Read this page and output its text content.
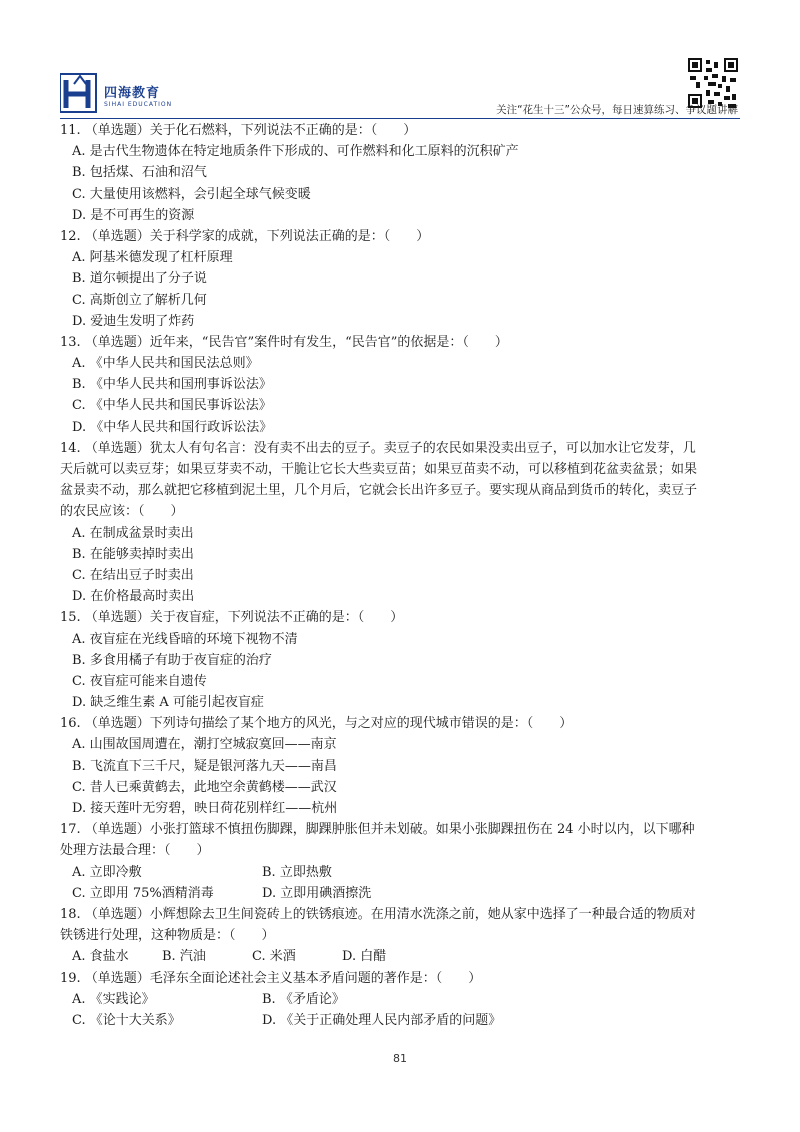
四海教育
SIHAI EDUCATION	关注“花生十三”公众号，每日速算练习、争议题讲解
11. （单选题）关于化石燃料，下列说法不正确的是：（　　）
A. 是古代生物遗体在特定地质条件下形成的、可作燃料和化工原料的沉积矿产
B. 包括煤、石油和沼气
C. 大量使用该燃料，会引起全球气候变暖
D. 是不可再生的资源
12. （单选题）关于科学家的成就，下列说法正确的是：（　　）
A. 阿基米德发现了杠杆原理
B. 道尔顿提出了分子说
C. 高斯创立了解析几何
D. 爱迪生发明了炸药
13. （单选题）近年来，“民告官”案件时有发生，“民告官”的依据是：（　　）
A. 《中华人民共和国民法总则》
B. 《中华人民共和国刑事诉讼法》
C. 《中华人民共和国民事诉讼法》
D. 《中华人民共和国行政诉讼法》
14. （单选题）犹太人有句名言：没有卖不出去的豆子。卖豆子的农民如果没卖出豆子，可以加水让它发芽，几
天后就可以卖豆芽；如果豆芽卖不动，干脆让它长大些卖豆苗；如果豆苗卖不动，可以移植到花盆卖盆景；如果
盆景卖不动，那么就把它移植到泥土里，几个月后，它就会长出许多豆子。要实现从商品到货币的转化，卖豆子
的农民应该：（　　）
A. 在制成盆景时卖出
B. 在能够卖掉时卖出
C. 在结出豆子时卖出
D. 在价格最高时卖出
15. （单选题）关于夜盲症，下列说法不正确的是：（　　）
A. 夜盲症在光线昏暗的环境下视物不清
B. 多食用橘子有助于夜盲症的治疗
C. 夜盲症可能来自遗传
D. 缺乏维生素 A 可能引起夜盲症
16. （单选题）下列诗句描绘了某个地方的风光，与之对应的现代城市错误的是：（　　）
A. 山围故国周遭在，潮打空城寂寞回——南京
B. 飞流直下三千尺，疑是银河落九天——南昌
C. 昔人已乘黄鹤去，此地空余黄鹤楼——武汉
D. 接天莲叶无穷碧，映日荷花别样红——杭州
17. （单选题）小张打篮球不慎扭伤脚踝，脚踝肿胀但并未划破。如果小张脚踝扭伤在 24 小时以内，以下哪种
处理方法最合理：（　　）
A. 立即冷敷	B. 立即热敷
C. 立即用 75%酒精消毒	D. 立即用碘酒擦洗
18. （单选题）小辉想除去卫生间瓷砖上的铁锈痕迹。在用清水洗涤之前，她从家中选择了一种最合适的物质对
铁锈进行处理，这种物质是：（　　）
A. 食盐水	B. 汽油	C. 米酒	D. 白醋
19. （单选题）毛泽东全面论述社会主义基本矛盾问题的著作是：（　　）
A. 《实践论》	B. 《矛盾论》
C. 《论十大关系》	D. 《关于正确处理人民内部矛盾的问题》
81
